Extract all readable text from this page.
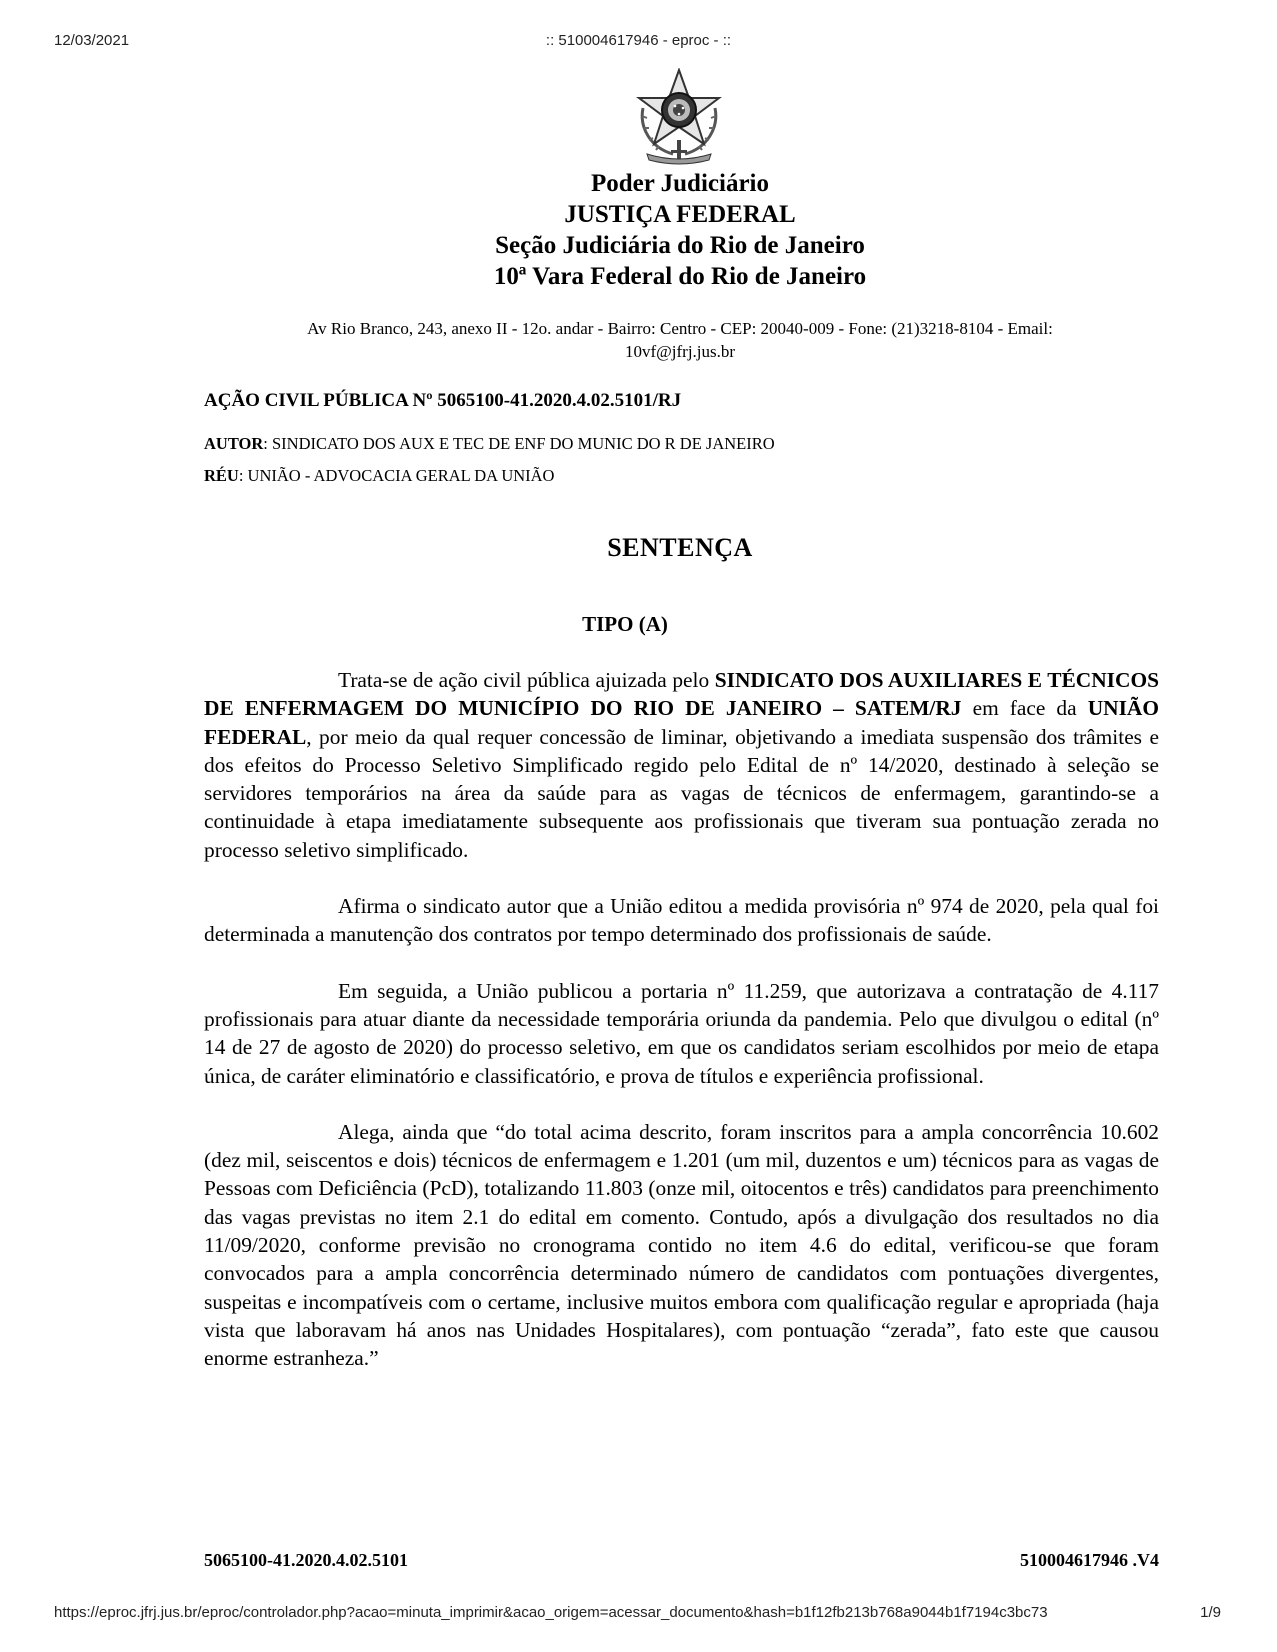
12/03/2021	:: 510004617946 - eproc - ::
Poder Judiciário
JUSTIÇA FEDERAL
Seção Judiciária do Rio de Janeiro
10ª Vara Federal do Rio de Janeiro
Av Rio Branco, 243, anexo II - 12o. andar - Bairro: Centro - CEP: 20040-009 - Fone: (21)3218-8104 - Email:
10vf@jfrj.jus.br
AÇÃO CIVIL PÚBLICA Nº 5065100-41.2020.4.02.5101/RJ
AUTOR: SINDICATO DOS AUX E TEC DE ENF DO MUNIC DO R DE JANEIRO
RÉU: UNIÃO - ADVOCACIA GERAL DA UNIÃO
SENTENÇA
TIPO (A)

Trata-se de ação civil pública ajuizada pelo SINDICATO DOS AUXILIARES E TÉCNICOS DE ENFERMAGEM DO MUNICÍPIO DO RIO DE JANEIRO – SATEM/RJ em face da UNIÃO FEDERAL, por meio da qual requer concessão de liminar, objetivando a imediata suspensão dos trâmites e dos efeitos do Processo Seletivo Simplificado regido pelo Edital de nº 14/2020, destinado à seleção se servidores temporários na área da saúde para as vagas de técnicos de enfermagem, garantindo-se a continuidade à etapa imediatamente subsequente aos profissionais que tiveram sua pontuação zerada no processo seletivo simplificado.

Afirma o sindicato autor que a União editou a medida provisória nº 974 de 2020, pela qual foi determinada a manutenção dos contratos por tempo determinado dos profissionais de saúde.

Em seguida, a União publicou a portaria nº 11.259, que autorizava a contratação de 4.117 profissionais para atuar diante da necessidade temporária oriunda da pandemia. Pelo que divulgou o edital (nº 14 de 27 de agosto de 2020) do processo seletivo, em que os candidatos seriam escolhidos por meio de etapa única, de caráter eliminatório e classificatório, e prova de títulos e experiência profissional.

Alega, ainda que “do total acima descrito, foram inscritos para a ampla concorrência 10.602 (dez mil, seiscentos e dois) técnicos de enfermagem e 1.201 (um mil, duzentos e um) técnicos para as vagas de Pessoas com Deficiência (PcD), totalizando 11.803 (onze mil, oitocentos e três) candidatos para preenchimento das vagas previstas no item 2.1 do edital em comento. Contudo, após a divulgação dos resultados no dia 11/09/2020, conforme previsão no cronograma contido no item 4.6 do edital, verificou-se que foram convocados para a ampla concorrência determinado número de candidatos com pontuações divergentes, suspeitas e incompatíveis com o certame, inclusive muitos embora com qualificação regular e apropriada (haja vista que laboravam há anos nas Unidades Hospitalares), com pontuação “zerada”, fato este que causou enorme estranheza.”

5065100-41.2020.4.02.5101	510004617946 .V4
https://eproc.jfrj.jus.br/eproc/controlador.php?acao=minuta_imprimir&acao_origem=acessar_documento&hash=b1f12fb213b768a9044b1f7194c3bc73	1/9
